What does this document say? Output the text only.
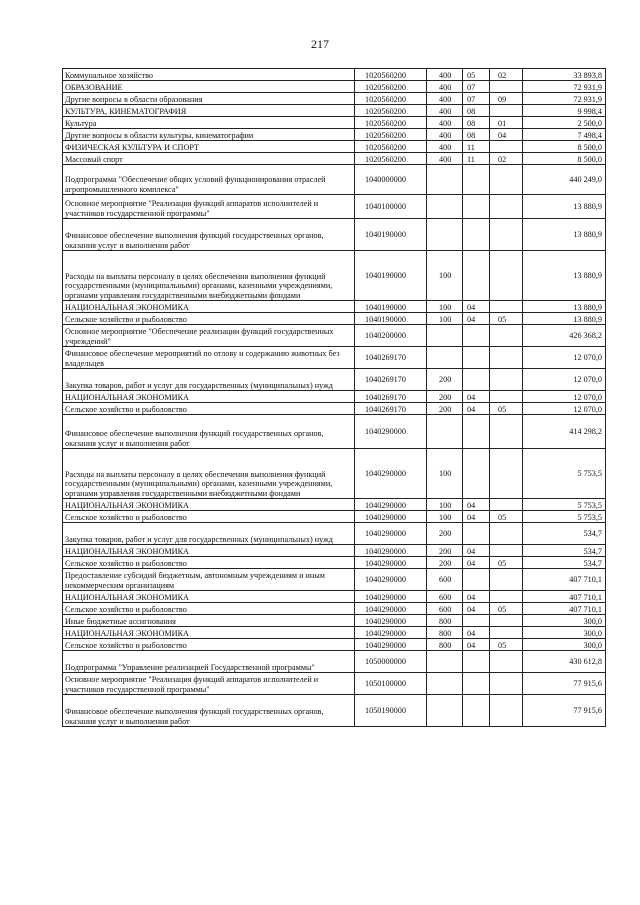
217
Коммунальное хозяйство	1020560200	400	05	02	33 893,8
ОБРАЗОВАНИЕ	1020560200	400	07		72 931,9
Другие вопросы в области образования	1020560200	400	07	09	72 931,9
КУЛЬТУРА, КИНЕМАТОГРАФИЯ	1020560200	400	08		9 998,4
Культура	1020560200	400	08	01	2 500,0
Другие вопросы в области культуры, кинематографии	1020560200	400	08	04	7 498,4
ФИЗИЧЕСКАЯ КУЛЬТУРА И СПОРТ	1020560200	400	11		8 500,0
Массовый спорт	1020560200	400	11	02	8 500,0
Подпрограмма "Обеспечение общих условий функционирования отраслей агропромышленного комплекса"	1040000000				440 249,0
Основное мероприятие "Реализация функций аппаратов исполнителей и участников государственной программы"	1040100000				13 880,9
Финансовое обеспечение выполнения функций государственных органов, оказания услуг и выполнения работ	1040190000				13 880,9
Расходы на выплаты персоналу в целях обеспечения выполнения функций государственными (муниципальными) органами, казенными учреждениями, органами управления государственными внебюджетными фондами	1040190000	100			13 880,9
НАЦИОНАЛЬНАЯ ЭКОНОМИКА	1040190000	100	04		13 880,9
Сельское хозяйство и рыболовство	1040190000	100	04	05	13 880,9
Основное мероприятие "Обеспечение реализации функций государственных учреждений"	1040200000				426 368,2
Финансовое обеспечение мероприятий по отлову и содержанию животных без владельцев	1040269170				12 070,0
Закупка товаров, работ и услуг для государственных (муниципальных) нужд	1040269170	200			12 070,0
НАЦИОНАЛЬНАЯ ЭКОНОМИКА	1040269170	200	04		12 070,0
Сельское хозяйство и рыболовство	1040269170	200	04	05	12 070,0
Финансовое обеспечение выполнения функций государственных органов, оказания услуг и выполнения работ	1040290000				414 298,2
Расходы на выплаты персоналу в целях обеспечения выполнения функций государственными (муниципальными) органами, казенными учреждениями, органами управления государственными внебюджетными фондами	1040290000	100			5 753,5
НАЦИОНАЛЬНАЯ ЭКОНОМИКА	1040290000	100	04		5 753,5
Сельское хозяйство и рыболовство	1040290000	100	04	05	5 753,5
Закупка товаров, работ и услуг для государственных (муниципальных) нужд	1040290000	200			534,7
НАЦИОНАЛЬНАЯ ЭКОНОМИКА	1040290000	200	04		534,7
Сельское хозяйство и рыболовство	1040290000	200	04	05	534,7
Предоставление субсидий бюджетным, автономным учреждениям и иным некоммерческим организациям	1040290000	600			407 710,1
НАЦИОНАЛЬНАЯ ЭКОНОМИКА	1040290000	600	04		407 710,1
Сельское хозяйство и рыболовство	1040290000	600	04	05	407 710,1
Иные бюджетные ассигнования	1040290000	800			300,0
НАЦИОНАЛЬНАЯ ЭКОНОМИКА	1040290000	800	04		300,0
Сельское хозяйство и рыболовство	1040290000	800	04	05	300,0
Подпрограмма "Управление реализацией Государственной программы"	1050000000				430 612,8
Основное мероприятие "Реализация функций аппаратов исполнителей и участников государственной программы"	1050100000				77 915,6
Финансовое обеспечение выполнения функций государственных органов, оказания услуг и выполнения работ	1050190000				77 915,6
